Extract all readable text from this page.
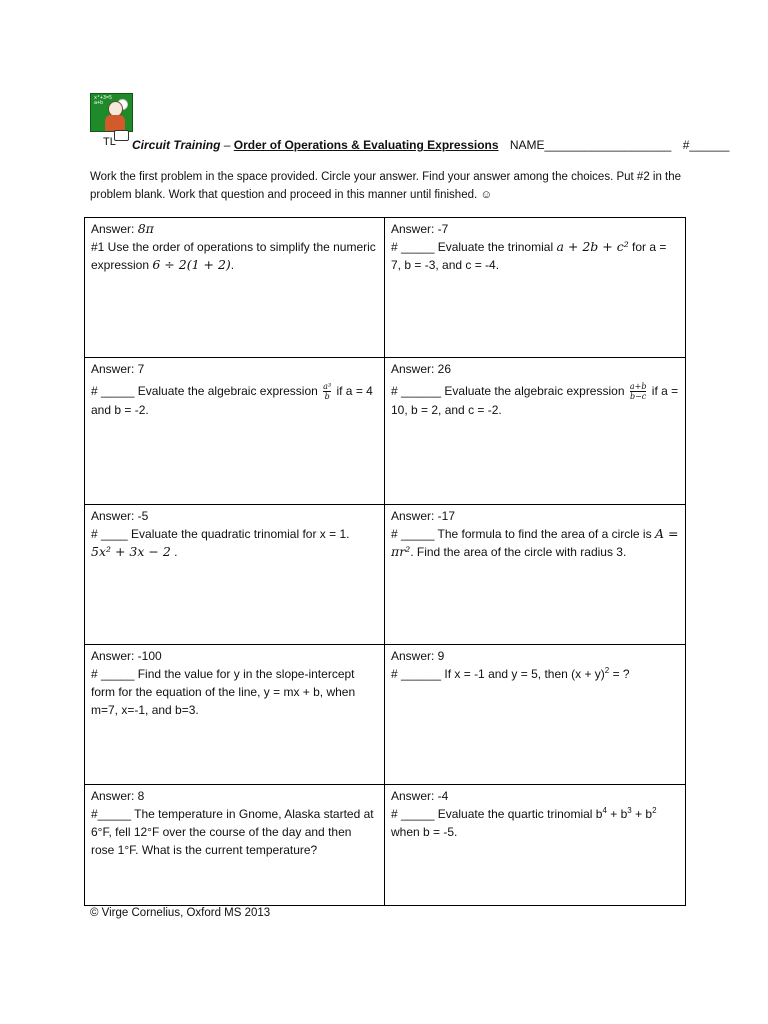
x²+3=5
a+b
TL Circuit Training – Order of Operations & Evaluating Expressions NAME___________________ #______
Work the first problem in the space provided. Circle your answer. Find your answer among the choices. Put #2 in the problem blank. Work that question and proceed in this manner until finished. ☺
Answer: 8π
#1 Use the order of operations to simplify the numeric expression 6 ÷ 2(1 + 2).
Answer: -7
# _____ Evaluate the trinomial a + 2b + c² for a = 7, b = -3, and c = -4.
Answer: 7
# _____ Evaluate the algebraic expression $\frac{\text{a³}}{b}$ if a = 4 and b = -2.
Answer: 26
# ______ Evaluate the algebraic expression $\frac{a+b}{b-c}$ if a = 10, b = 2, and c = -2.
Answer: -5
# ____ Evaluate the quadratic trinomial for x = 1.
5x² + 3x − 2 .
Answer: -17
# _____ The formula to find the area of a circle is A = πr². Find the area of the circle with radius 3.
Answer: -100
# _____ Find the value for y in the slope-intercept form for the equation of the line, y = mx + b, when m=7, x=-1, and b=3.
Answer: 9
# ______ If x = -1 and y = 5, then $(x + y)^2$ = ?
Answer: 8
#_____ The temperature in Gnome, Alaska started at 6°F, fell 12°F over the course of the day and then rose 1°F. What is the current temperature?
Answer: -4
# _____ Evaluate the quartic trinomial $b^4 + b^3 + b^2$ when b = -5.
© Virge Cornelius, Oxford MS 2013
